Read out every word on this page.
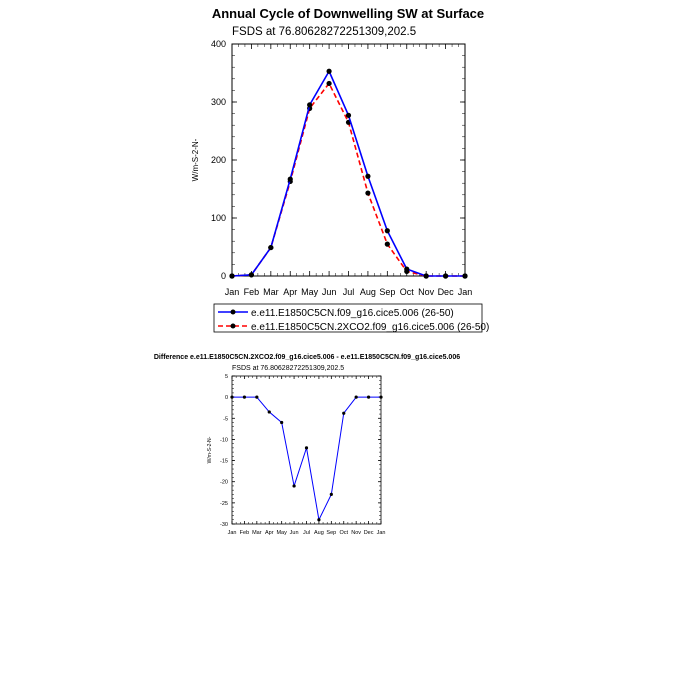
Annual Cycle of Downwelling SW at Surface
FSDS at 76.80628272251309,202.5
0
100
200
300
400
Jan Feb Mar Apr May Jun Jul Aug Sep Oct Nov Dec Jan
W/m-S-2-N-
e.e11.E1850C5CN.f09_g16.cice5.006 (26-50)
e.e11.E1850C5CN.2XCO2.f09_g16.cice5.006 (26-50)
Difference e.e11.E1850C5CN.2XCO2.f09_g16.cice5.006 - e.e11.E1850C5CN.f09_g16.cice5.006
FSDS at 76.80628272251309,202.5
5
0
-5
-10
-15
-20
-25
-30
Jan Feb Mar Apr May Jun Jul Aug Sep Oct Nov Dec Jan
W/m-S-2-N-
